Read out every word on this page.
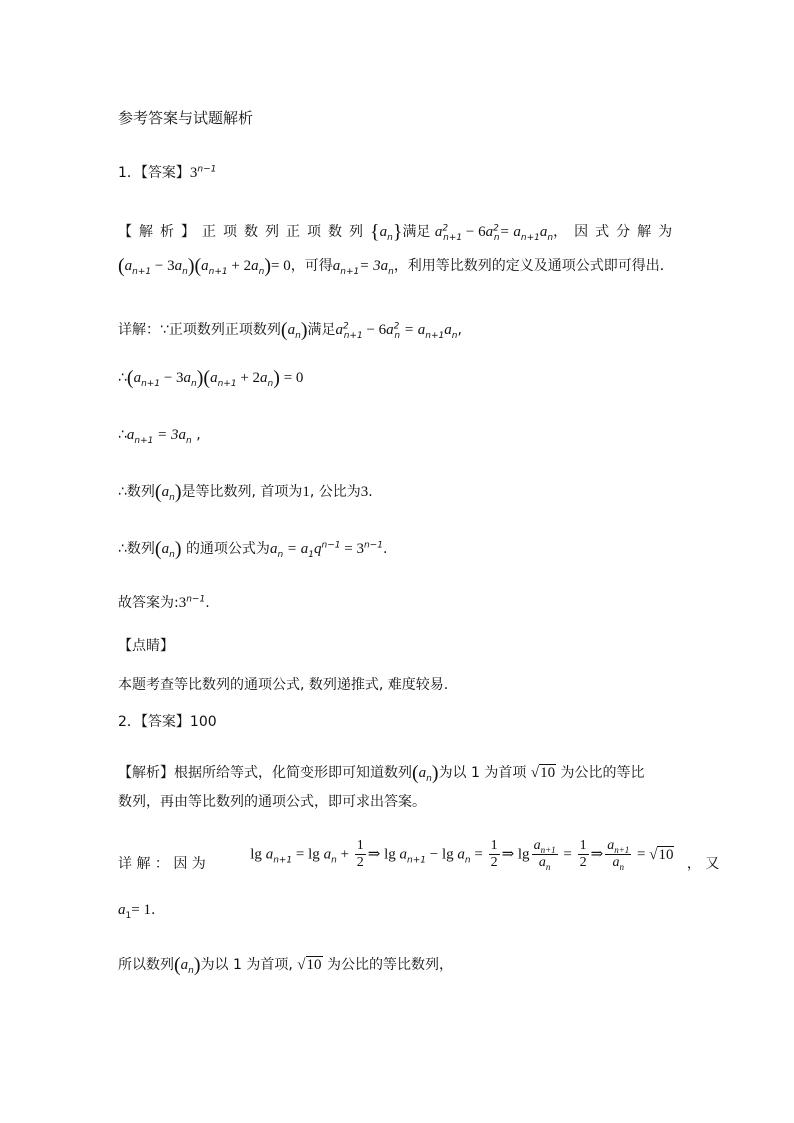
参考答案与试题解析
1．【答案】$3^{n-1}$
【解析】正项数列正项数列$\{a_n\}$满足 $a^2_{n+1} - 6a^2_n= a_{n+1}a_n$，因式分解为
$(a_{n+1} - 3a_n)(a_{n+1} + 2a_n)= 0$，可得$a_{n+1}= 3a_n$，利用等比数列的定义及通项公式即可得出．
详解：∵正项数列正项数列$(a_n)$满足$a^2_{n+1} - 6a^2_n = a_{n+1}a_n$,
$\therefore(a_{n+1} - 3a_n)(a_{n+1} + 2a_n) = 0$
$\therefore a_{n+1} = 3a_n$ ,
∴数列$(a_n)$是等比数列, 首项为1, 公比为3.
∴数列$(a_n)$ 的通项公式为$a_n = a_1q^{n-1} = 3^{n-1}$.
故答案为$:3^{n-1}$.
【点睛】
本题考查等比数列的通项公式, 数列递推式, 难度较易.
2．【答案】100
【解析】根据所给等式，化简变形即可知道数列$(a_n)$为以 1 为首项 √10 为公比的等比
数列，再由等比数列的通项公式，即可求出答案。
详 解 ： 因 为 $\lg a_{n+1} = \lg a_n + \frac{1}{2}$ ⇒ $\lg a_{n+1} - \lg a_n = \frac{1}{2}$ ⇒ $\lg \frac{a_{n+1}}{a_n} = \frac{1}{2}$ ⇒ $\frac{a_{n+1}}{a_n} = √10$ ， 又
$a_1= 1$.
所以数列$(a_n)$为以 1 为首项, √10 为公比的等比数列，
